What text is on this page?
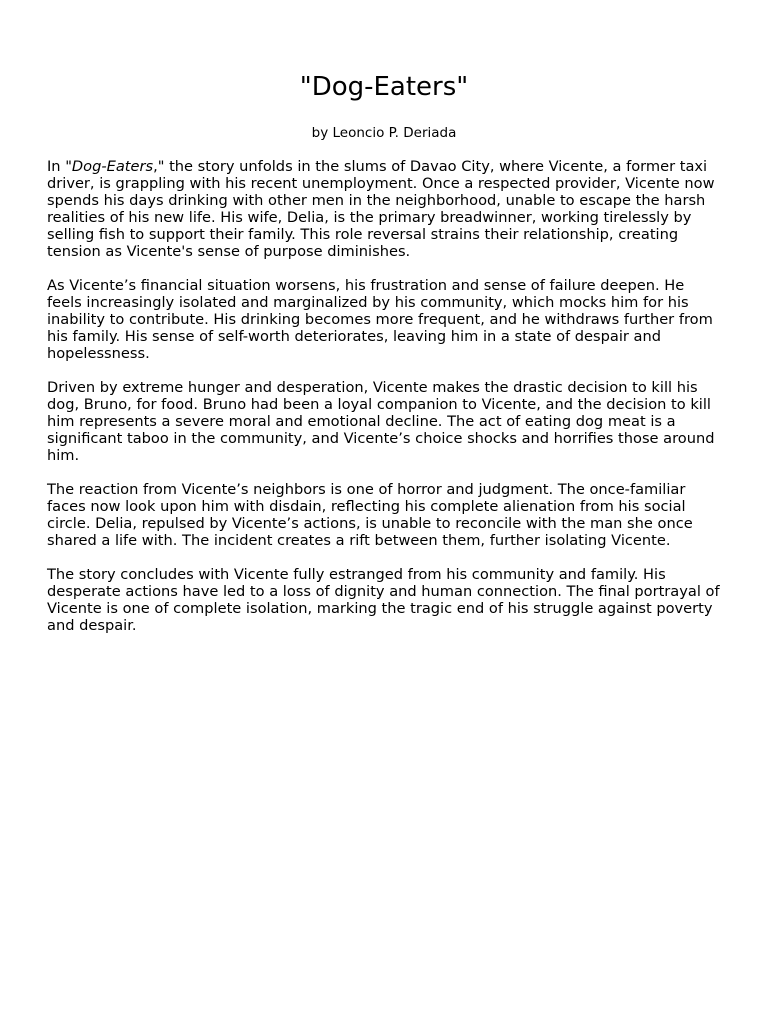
"Dog-Eaters"

by Leoncio P. Deriada

In "Dog-Eaters," the story unfolds in the slums of Davao City, where Vicente, a former taxi driver, is grappling with his recent unemployment. Once a respected provider, Vicente now spends his days drinking with other men in the neighborhood, unable to escape the harsh realities of his new life. His wife, Delia, is the primary breadwinner, working tirelessly by selling fish to support their family. This role reversal strains their relationship, creating tension as Vicente's sense of purpose diminishes.

As Vicente’s financial situation worsens, his frustration and sense of failure deepen. He feels increasingly isolated and marginalized by his community, which mocks him for his inability to contribute. His drinking becomes more frequent, and he withdraws further from his family. His sense of self-worth deteriorates, leaving him in a state of despair and hopelessness.

Driven by extreme hunger and desperation, Vicente makes the drastic decision to kill his dog, Bruno, for food. Bruno had been a loyal companion to Vicente, and the decision to kill him represents a severe moral and emotional decline. The act of eating dog meat is a significant taboo in the community, and Vicente’s choice shocks and horrifies those around him.

The reaction from Vicente’s neighbors is one of horror and judgment. The once-familiar faces now look upon him with disdain, reflecting his complete alienation from his social circle. Delia, repulsed by Vicente’s actions, is unable to reconcile with the man she once shared a life with. The incident creates a rift between them, further isolating Vicente.

The story concludes with Vicente fully estranged from his community and family. His desperate actions have led to a loss of dignity and human connection. The final portrayal of Vicente is one of complete isolation, marking the tragic end of his struggle against poverty and despair.
